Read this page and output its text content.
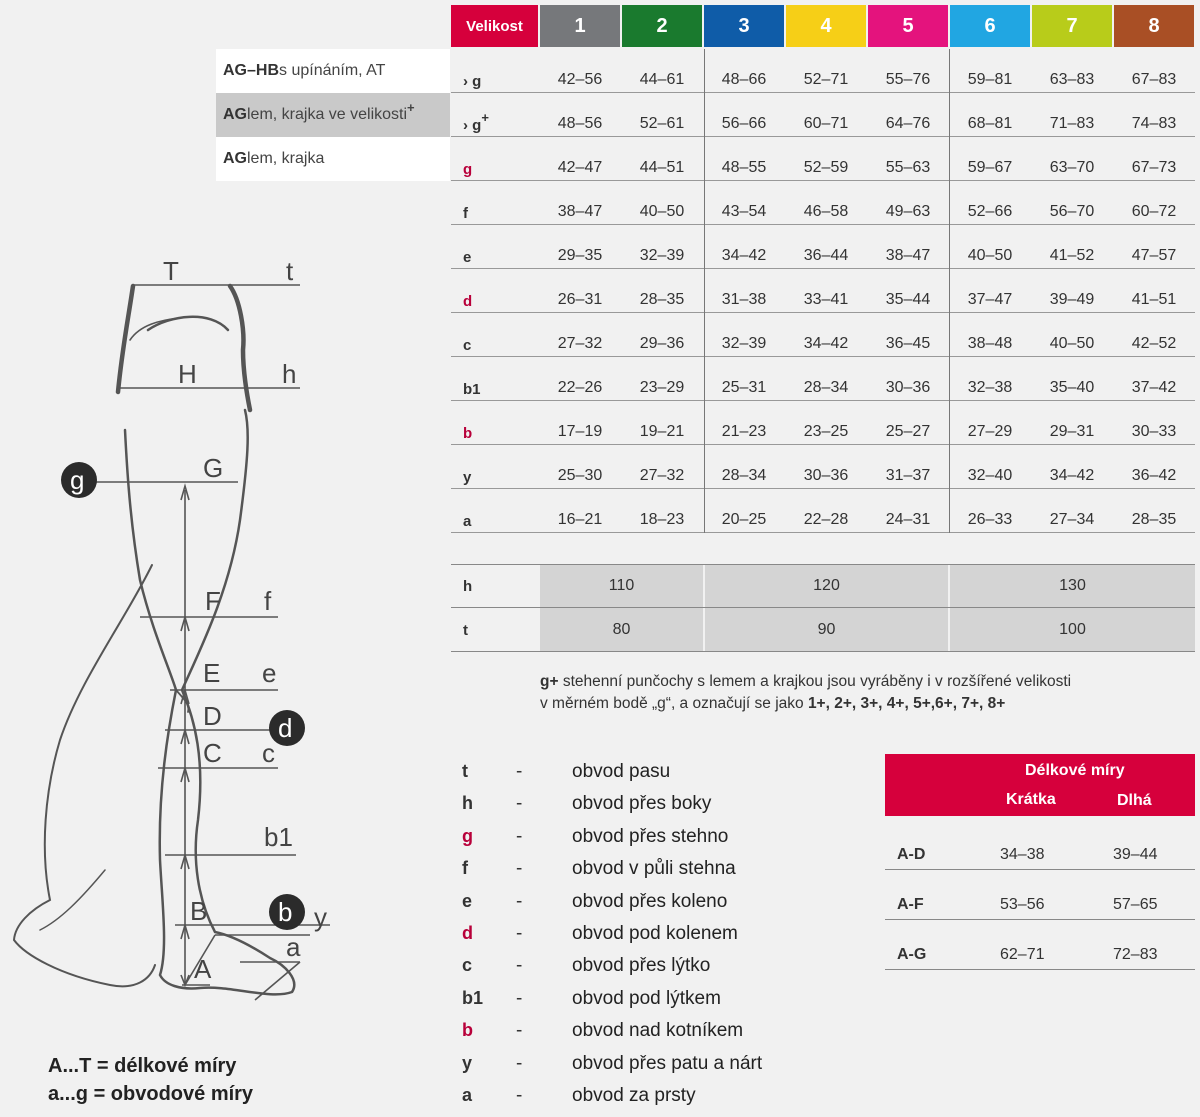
T	t
H	h
G
F f
E e
D
C c
b1
B	y
a
A
g
d
b
AG–HB s upínáním, AT
AG lem, krajka ve velikosti +
AG lem, krajka
Velikost	1	2	3	4	5	6	7	8
› g	42–56	44–61	48–66	52–71	55–76	59–81	63–83	67–83
› g+	48–56	52–61	56–66	60–71	64–76	68–81	71–83	74–83
g	42–47	44–51	48–55	52–59	55–63	59–67	63–70	67–73
f	38–47	40–50	43–54	46–58	49–63	52–66	56–70	60–72
e	29–35	32–39	34–42	36–44	38–47	40–50	41–52	47–57
d	26–31	28–35	31–38	33–41	35–44	37–47	39–49	41–51
c	27–32	29–36	32–39	34–42	36–45	38–48	40–50	42–52
b1	22–26	23–29	25–31	28–34	30–36	32–38	35–40	37–42
b	17–19	19–21	21–23	23–25	25–27	27–29	29–31	30–33
y	25–30	27–32	28–34	30–36	31–37	32–40	34–42	36–42
a	16–21	18–23	20–25	22–28	24–31	26–33	27–34	28–35
h	110	120	130
t	80	90	100
g+ stehenní punčochy s lemem a krajkou jsou vyráběny i v rozšířené velikosti
v měrném bodě „g“, a označují se jako 1+, 2+, 3+, 4+, 5+,6+, 7+, 8+
t	-	obvod pasu
h -	obvod přes boky
g -	obvod přes stehno
f	-	obvod v půli stehna
e -	obvod přes koleno
d -	obvod pod kolenem
c -	obvod přes lýtko
b1 -	obvod pod lýtkem
b -	obvod nad kotníkem
y -	obvod přes patu a nárt
a -	obvod za prsty
Délkové míry
Krátka	Dlhá
A-D	34–38	39–44
A-F	53–56	57–65
A-G	62–71	72–83
A...T = délkové míry
a...g = obvodové míry
